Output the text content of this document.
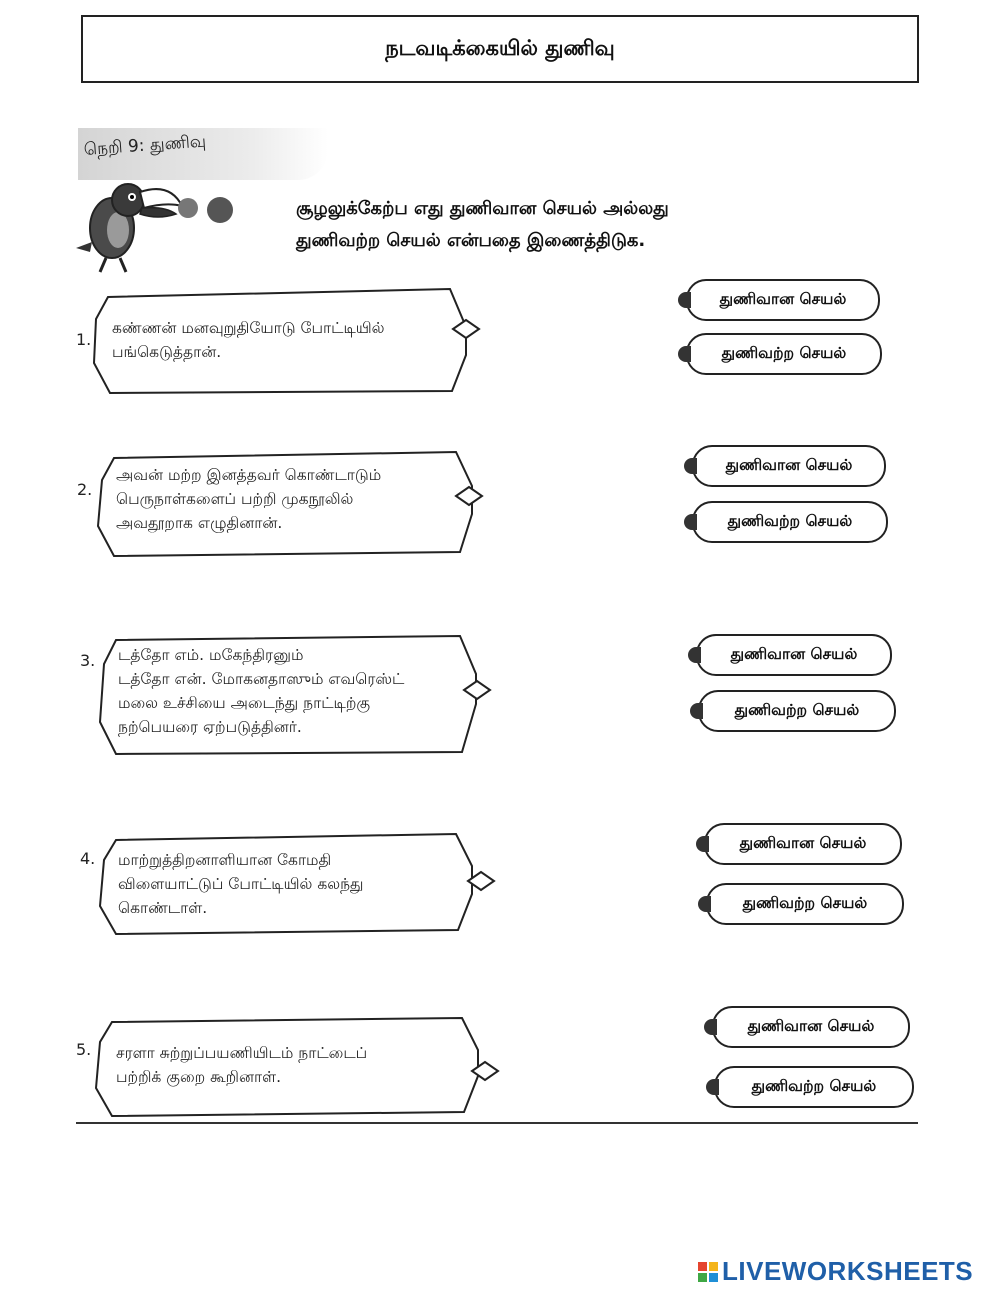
நடவடிக்கையில் துணிவு
நெறி 9: துணிவு
சூழலுக்கேற்ப எது துணிவான செயல் அல்லது
துணிவற்ற செயல் என்பதை இணைத்திடுக.
1.
கண்ணன் மனவுறுதியோடு போட்டியில்
பங்கெடுத்தான்.
துணிவான செயல்
துணிவற்ற செயல்
2.
அவன் மற்ற இனத்தவர் கொண்டாடும்
பெருநாள்களைப் பற்றி முகநூலில்
அவதூறாக எழுதினான்.
துணிவான செயல்
துணிவற்ற செயல்
3. டத்தோ எம். மகேந்திரனும்
டத்தோ என். மோகனதாஸும் எவரெஸ்ட்
மலை உச்சியை அடைந்து நாட்டிற்கு
நற்பெயரை ஏற்படுத்தினர்.
துணிவான செயல்
துணிவற்ற செயல்
4. மாற்றுத்திறனாளியான கோமதி
விளையாட்டுப் போட்டியில் கலந்து
கொண்டாள்.
துணிவான செயல்
துணிவற்ற செயல்
5. சரளா சுற்றுப்பயணியிடம் நாட்டைப்
பற்றிக் குறை கூறினாள்.
துணிவான செயல்
துணிவற்ற செயல்
LIVEWORKSHEETS
